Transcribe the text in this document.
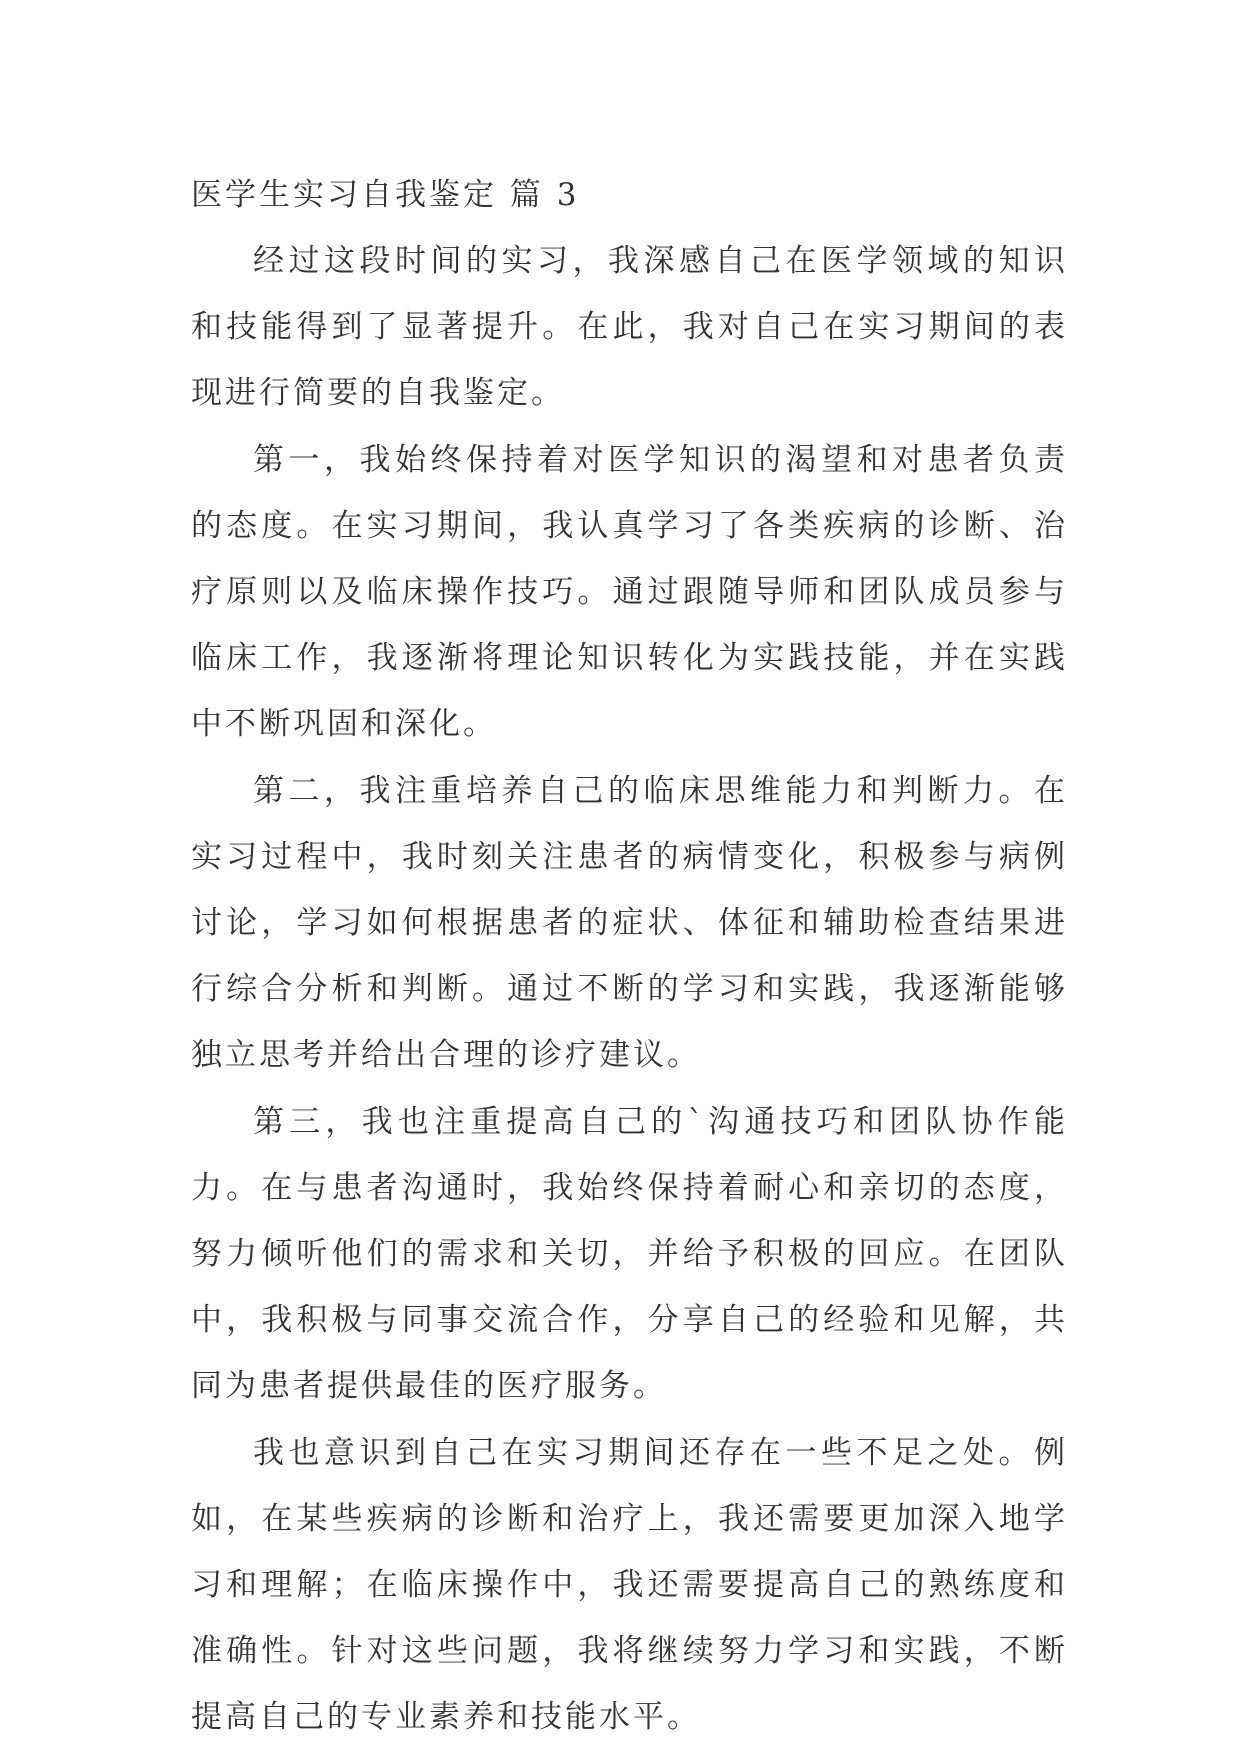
医学生实习自我鉴定 篇 3

经过这段时间的实习，我深感自己在医学领域的知识和技能得到了显著提升。在此，我对自己在实习期间的表现进行简要的自我鉴定。

第一，我始终保持着对医学知识的渴望和对患者负责的态度。在实习期间，我认真学习了各类疾病的诊断、治疗原则以及临床操作技巧。通过跟随导师和团队成员参与临床工作，我逐渐将理论知识转化为实践技能，并在实践中不断巩固和深化。

第二，我注重培养自己的临床思维能力和判断力。在实习过程中，我时刻关注患者的病情变化，积极参与病例讨论，学习如何根据患者的症状、体征和辅助检查结果进行综合分析和判断。通过不断的学习和实践，我逐渐能够独立思考并给出合理的诊疗建议。

第三，我也注重提高自己的`沟通技巧和团队协作能力。在与患者沟通时，我始终保持着耐心和亲切的态度，努力倾听他们的需求和关切，并给予积极的回应。在团队中，我积极与同事交流合作，分享自己的经验和见解，共同为患者提供最佳的医疗服务。

我也意识到自己在实习期间还存在一些不足之处。例如，在某些疾病的诊断和治疗上，我还需要更加深入地学习和理解；在临床操作中，我还需要提高自己的熟练度和准确性。针对这些问题，我将继续努力学习和实践，不断提高自己的专业素养和技能水平。
